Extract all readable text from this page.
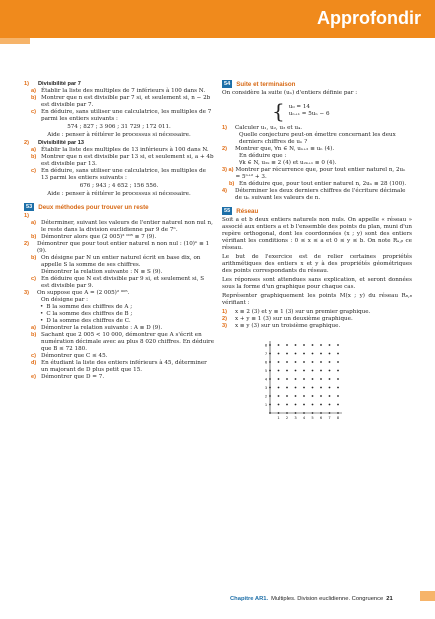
Approfondir
1)	Divisibilité par 7
a) Établir la liste des multiples de 7 inférieurs à 100 dans N.
b) Montrer que n est divisible par 7 si, et seulement si, n − 2b est divisible par 7.
c) En déduire, sans utiliser une calculatrice, les multiples de 7 parmi les entiers suivants :
574 ; 827 ; 3 906 ; 31 729 ; 172 011.
Aide : penser à réitérer le processus si nécessaire.
2)	Divisibilité par 13
a) Établir la liste des multiples de 13 inférieurs à 100 dans N.
b) Montrer que n est divisible par 13 si, et seulement si, a + 4b est divisible par 13.
c) En déduire, sans utiliser une calculatrice, les multiples de 13 parmi les entiers suivants :
676 ; 943 ; 4 652 ; 156 556.
Aide : penser à réitérer le processus si nécessaire.
53 Deux méthodes pour trouver un reste
1)
a) Déterminer, suivant les valeurs de l'entier naturel non nul n, le reste dans la division euclidienne par 9 de 7ⁿ.
b) Démontrer alors que (2 005)² ⁰⁰⁵ ≡ 7 (9).
2)	Démontrer que pour tout entier naturel n non nul : (10)ⁿ ≡ 1 (9).
b) On désigne par N un entier naturel écrit en base dix, on appelle S la somme de ses chiffres.
Démontrer la relation suivante : N ≡ S (9).
c) En déduire que N est divisible par 9 si, et seulement si, S est divisible par 9.
3)	On suppose que A = (2 005)² ⁰⁰⁵.
On désigne par :
• B la somme des chiffres de A ;
• C la somme des chiffres de B ;
• D la somme des chiffres de C.
a) Démontrer la relation suivante : A ≡ D (9).
b) Sachant que 2 005 < 10 000, démontrer que A s'écrit en numération décimale avec au plus 8 020 chiffres. En déduire que B ≤ 72 180.
c) Démontrer que C ≤ 45.
d) En étudiant la liste des entiers inférieurs à 45, déterminer un majorant de D plus petit que 15.
e) Démontrer que D = 7.
54 Suite et terminaison
On considère la suite (uₙ) d'entiers définie par :
{ u₀ = 14
uₙ₊₁ = 5uₙ − 6
1)	Calculer u₁, u₂, u₃ et u₄.
Quelle conjecture peut-on émettre concernant les deux derniers chiffres de uₙ ?
2)	Montrer que, ∀n ∈ N, uₙ₊₂ ≡ uₙ (4).
En déduire que :
∀k ∈ N, u₂ₖ ≡ 2 (4) et u₂ₖ₊₁ ≡ 0 (4).
3) a) Montrer par récurrence que, pour tout entier naturel n, 2uₙ = 5ⁿ⁺² + 3.
b) En déduire que, pour tout entier naturel n, 2uₙ ≡ 28 (100).
4)	Déterminer les deux derniers chiffres de l'écriture décimale de uₙ suivant les valeurs de n.
55 Réseau
Soit a et b deux entiers naturels non nuls. On appelle « réseau » associé aux entiers a et b l'ensemble des points du plan, muni d'un repère orthogonal, dont les coordonnées (x ; y) sont des entiers vérifiant les conditions : 0 ≤ x ≤ a et 0 ≤ y ≤ b. On note Rₐ,ᵦ ce réseau.
Le but de l'exercice est de relier certaines propriétés arithmétiques des entiers x et y à des propriétés géométriques des points correspondants du réseau.
Les réponses sont attendues sans explication, et seront données sous la forme d'un graphique pour chaque cas.
Représenter graphiquement les points M(x ; y) du réseau R₈,₈ vérifiant :
1)	x ≡ 2 (3) et y ≡ 1 (3) sur un premier graphique.
2)	x + y ≡ 1 (3) sur un deuxième graphique.
3)	x ≡ y (3) sur un troisième graphique.
1 2 3 4 5 6 7 8
1
2
3
4
5
6
7
8
Chapitre AR1. Multiples. Division euclidienne. Congruence 21
